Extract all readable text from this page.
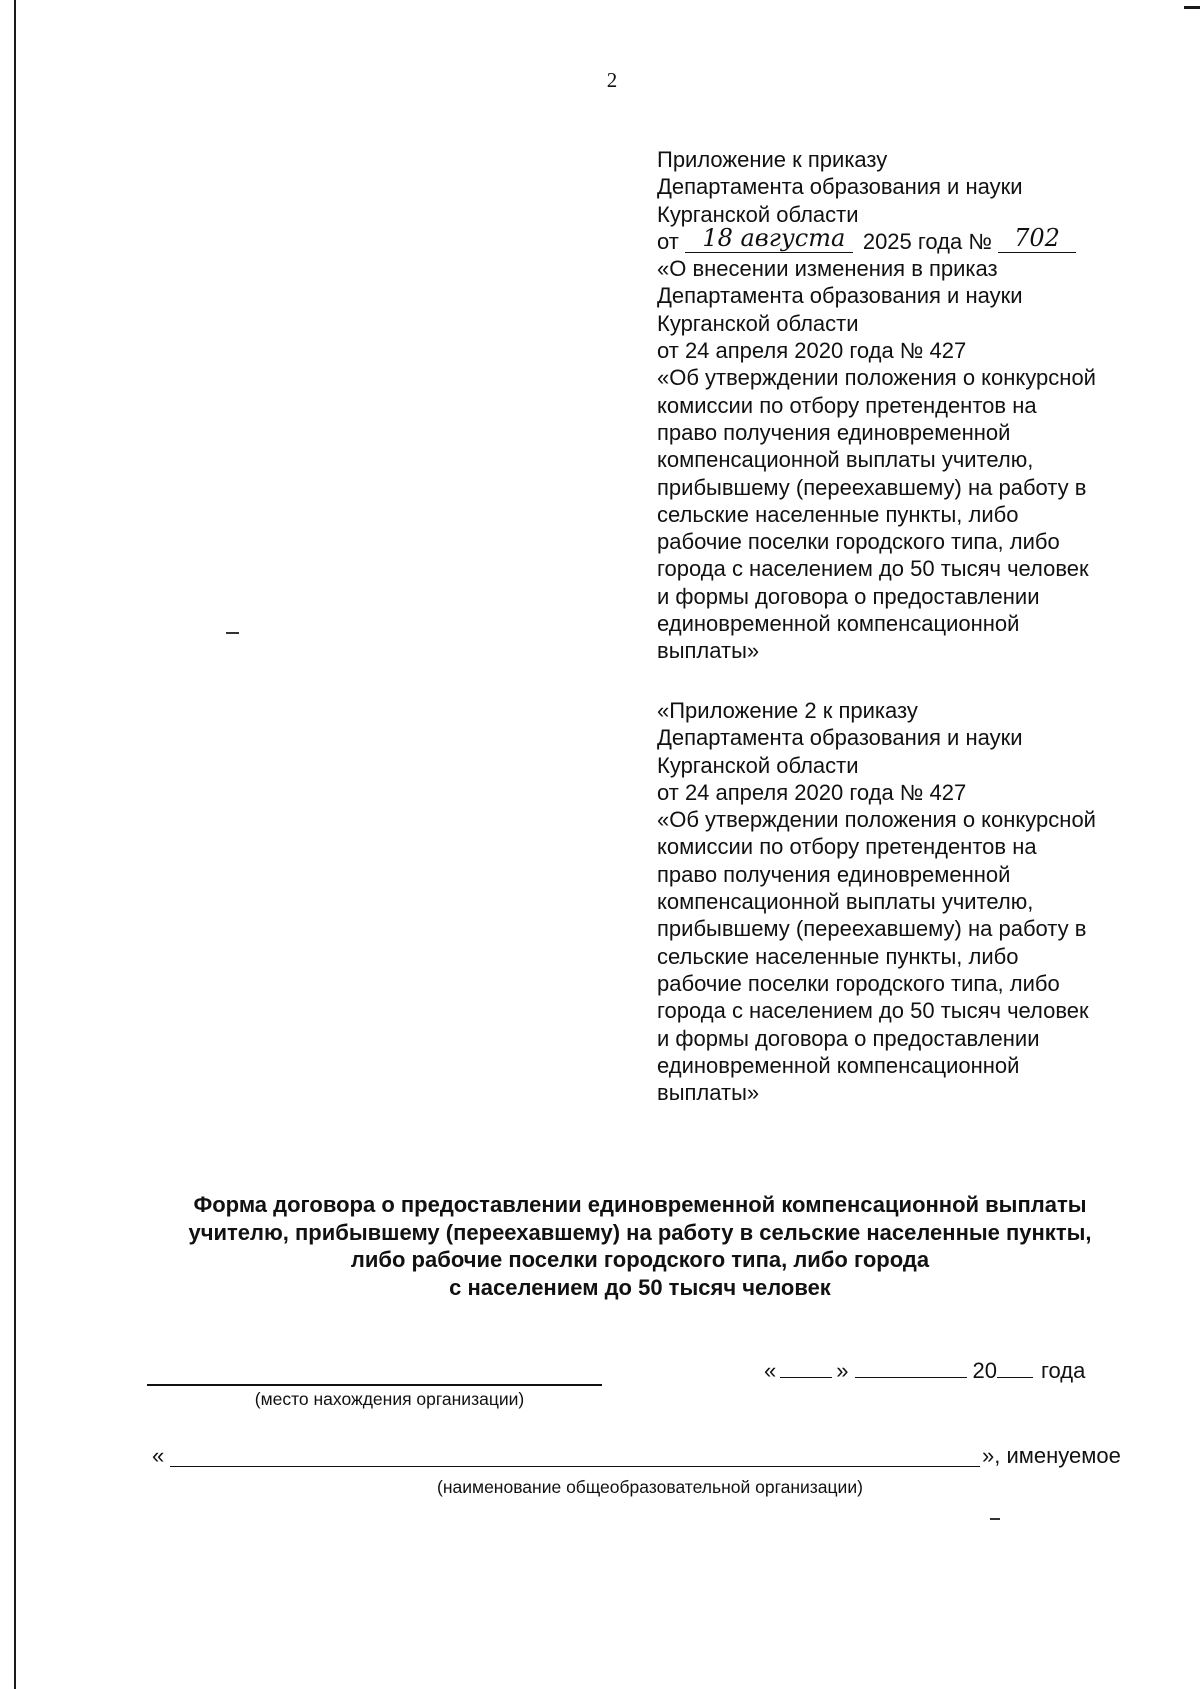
2
Приложение к приказу
Департамента образования и науки
Курганской области
от 18 августа 2025 года № 702
«О внесении изменения в приказ
Департамента образования и науки
Курганской области
от 24 апреля 2020 года № 427
«Об утверждении положения о конкурсной
комиссии по отбору претендентов на
право получения единовременной
компенсационной выплаты учителю,
прибывшему (переехавшему) на работу в
сельские населенные пункты, либо
рабочие поселки городского типа, либо
города с населением до 50 тысяч человек
и формы договора о предоставлении
единовременной компенсационной
выплаты»
«Приложение 2 к приказу
Департамента образования и науки
Курганской области
от 24 апреля 2020 года № 427
«Об утверждении положения о конкурсной
комиссии по отбору претендентов на
право получения единовременной
компенсационной выплаты учителю,
прибывшему (переехавшему) на работу в
сельские населенные пункты, либо
рабочие поселки городского типа, либо
города с населением до 50 тысяч человек
и формы договора о предоставлении
единовременной компенсационной
выплаты»
Форма договора о предоставлении единовременной компенсационной выплаты
учителю, прибывшему (переехавшему) на работу в сельские населенные пункты,
либо рабочие поселки городского типа, либо города
с населением до 50 тысяч человек
(место нахождения организации)
«	»	20 года
«	», именуемое
(наименование общеобразовательной организации)
